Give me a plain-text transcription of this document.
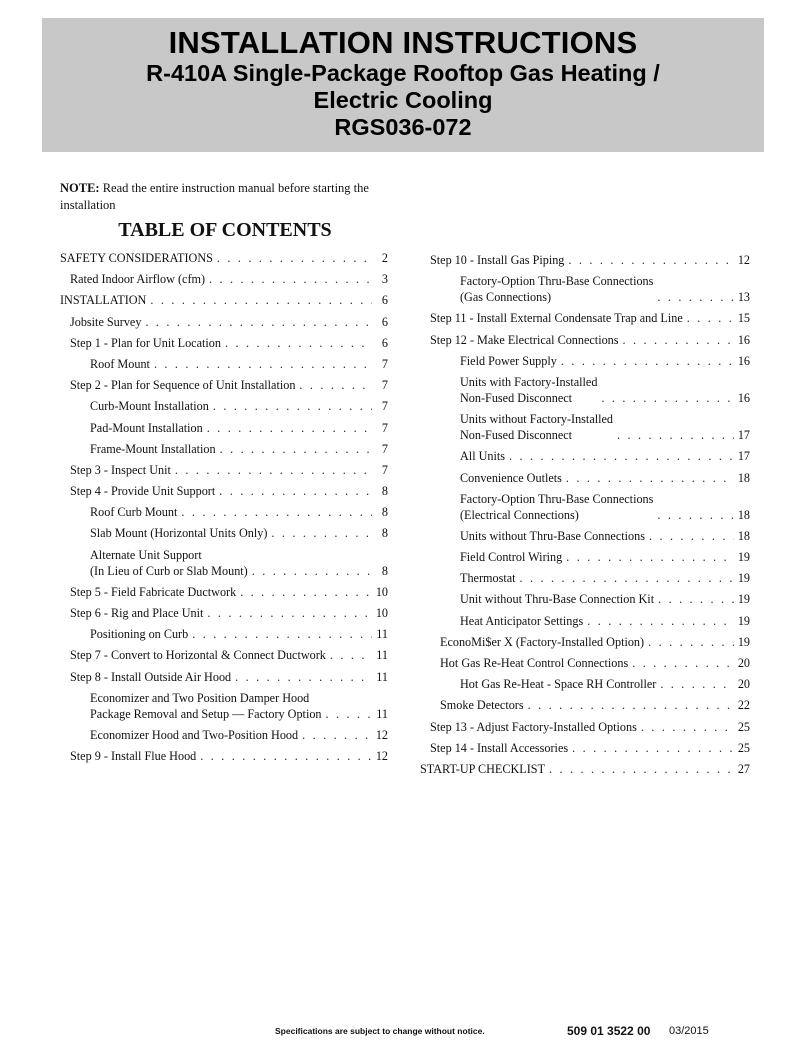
INSTALLATION INSTRUCTIONS
R-410A Single-Package Rooftop Gas Heating /
Electric Cooling
RGS036-072
NOTE: Read the entire instruction manual before starting the installation
TABLE OF CONTENTS
SAFETY CONSIDERATIONS . . .	2
Rated Indoor Airflow (cfm) . . .	3
INSTALLATION . . .	6
Jobsite Survey . . .	6
Step 1 - Plan for Unit Location . . .	6
Roof Mount . . .	7
Step 2 - Plan for Sequence of Unit Installation . . .	7
Curb-Mount Installation . . .	7
Pad-Mount Installation . . .	7
Frame-Mount Installation . . .	7
Step 3 - Inspect Unit . . .	7
Step 4 - Provide Unit Support . . .	8
Roof Curb Mount . . .	8
Slab Mount (Horizontal Units Only) . . .	8
Alternate Unit Support
(In Lieu of Curb or Slab Mount) . . .	8
Step 5 - Field Fabricate Ductwork . . .	10
Step 6 - Rig and Place Unit . . .	10
Positioning on Curb . . .	11
Step 7 - Convert to Horizontal & Connect Ductwork . . .	11
Step 8 - Install Outside Air Hood . . .	11
Economizer and Two Position Damper Hood
Package Removal and Setup — Factory Option . . .	11
Economizer Hood and Two-Position Hood . . .	12
Step 9 - Install Flue Hood . . .	12
Step 10 - Install Gas Piping . . .	12
Factory-Option Thru-Base Connections
(Gas Connections) . . .	13
Step 11 - Install External Condensate Trap and Line . . .	15
Step 12 - Make Electrical Connections . . .	16
Field Power Supply . . .	16
Units with Factory-Installed
Non-Fused Disconnect . . .	16
Units without Factory-Installed
Non-Fused Disconnect . . .	17
All Units . . .	17
Convenience Outlets . . .	18
Factory-Option Thru-Base Connections
(Electrical Connections) . . .	18
Units without Thru-Base Connections . . .	18
Field Control Wiring . . .	19
Thermostat . . .	19
Unit without Thru-Base Connection Kit . . .	19
Heat Anticipator Settings . . .	19
EconoMi$er X (Factory-Installed Option) . . .	19
Hot Gas Re-Heat Control Connections . . .	20
Hot Gas Re-Heat - Space RH Controller . . .	20
Smoke Detectors . . .	22
Step 13 - Adjust Factory-Installed Options . . .	25
Step 14 - Install Accessories . . .	25
START-UP CHECKLIST . . .	27
Specifications are subject to change without notice.	509 01 3522 00 03/2015
